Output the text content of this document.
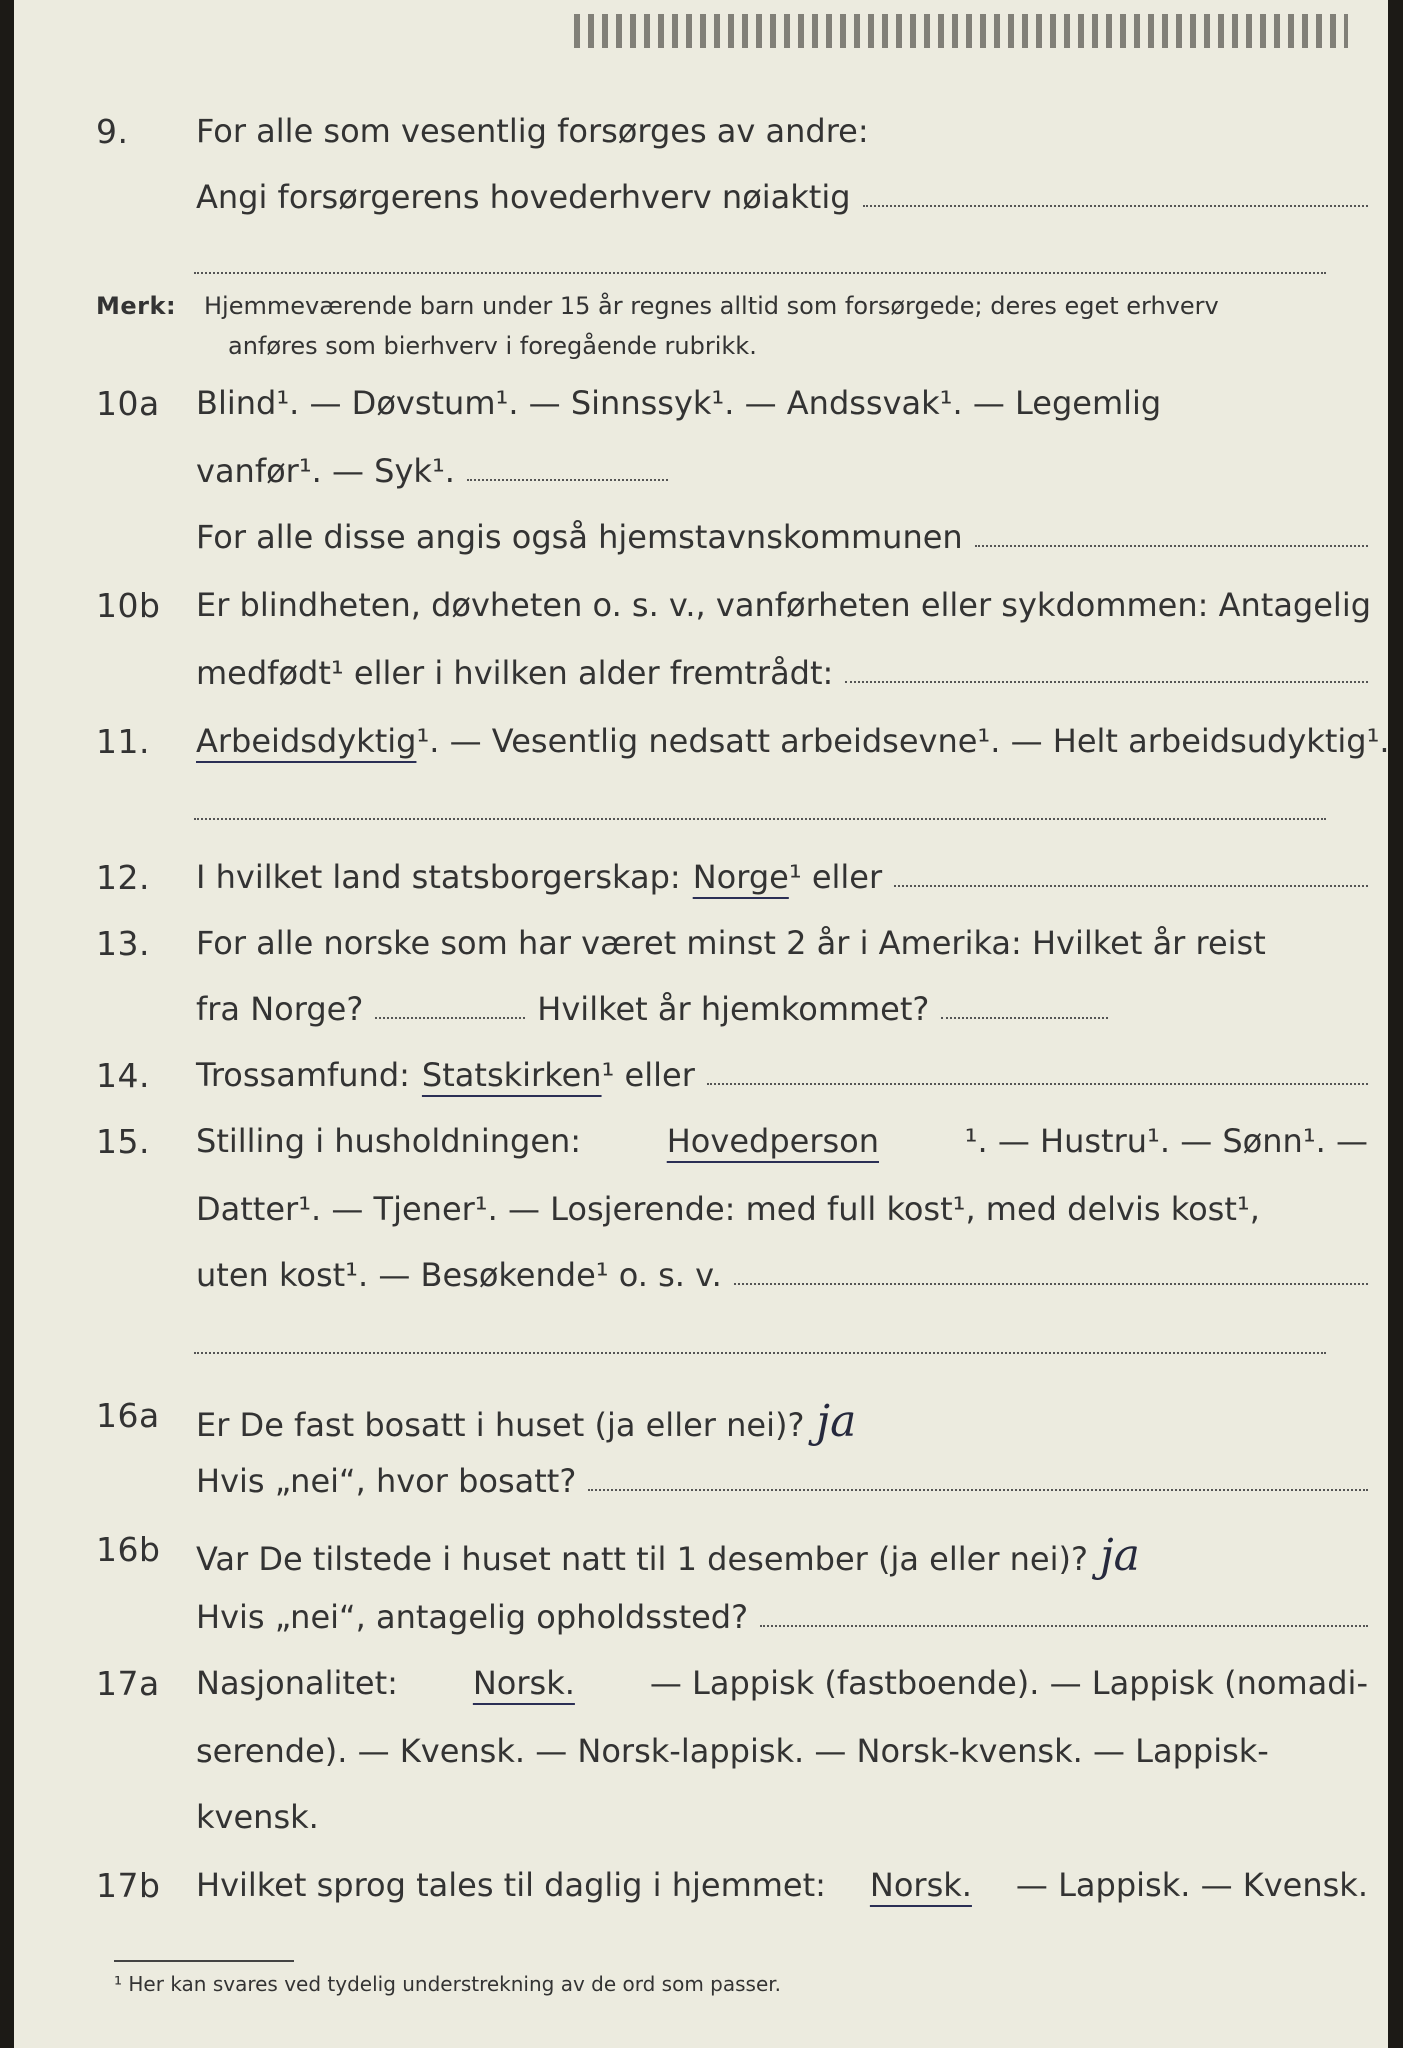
9.	For alle som vesentlig forsørges av andre:
Angi forsørgerens hovederhverv nøiaktig
Merk:	Hjemmeværende barn under 15 år regnes alltid som forsørgede; deres eget erhverv
anføres som bierhverv i foregående rubrikk.
10a	Blind¹. — Døvstum¹. — Sinnssyk¹. — Andssvak¹. — Legemlig
vanfør¹. — Syk¹.
For alle disse angis også hjemstavnskommunen
10b	Er blindheten, døvheten o. s. v., vanførheten eller sykdommen: Antagelig
medfødt¹ eller i hvilken alder fremtrådt:
11.	Arbeidsdyktig ¹. — Vesentlig nedsatt arbeidsevne¹. — Helt arbeidsudyktig¹.
12.	I hvilket land statsborgerskap: Norge ¹ eller
13.	For alle norske som har været minst 2 år i Amerika: Hvilket år reist
fra Norge?	Hvilket år hjemkommet?
14.	Trossamfund: Statskirken ¹ eller
15.	Stilling i husholdningen:	Hovedperson	¹. — Hustru¹. — Sønn¹. —
Datter¹. — Tjener¹. — Losjerende: med full kost¹, med delvis kost¹,
uten kost¹. — Besøkende¹ o. s. v.
16a	Er De fast bosatt i huset (ja eller nei)? ja
Hvis „nei“, hvor bosatt?
16b	Var De tilstede i huset natt til 1 desember (ja eller nei)? ja
Hvis „nei“, antagelig opholdssted?
17a	Nasjonalitet: Norsk. — Lappisk (fastboende). — Lappisk (nomadi-
serende). — Kvensk. — Norsk-lappisk. — Norsk-kvensk. — Lappisk-
kvensk.
17b	Hvilket sprog tales til daglig i hjemmet: Norsk. — Lappisk. — Kvensk.
¹ Her kan svares ved tydelig understrekning av de ord som passer.
